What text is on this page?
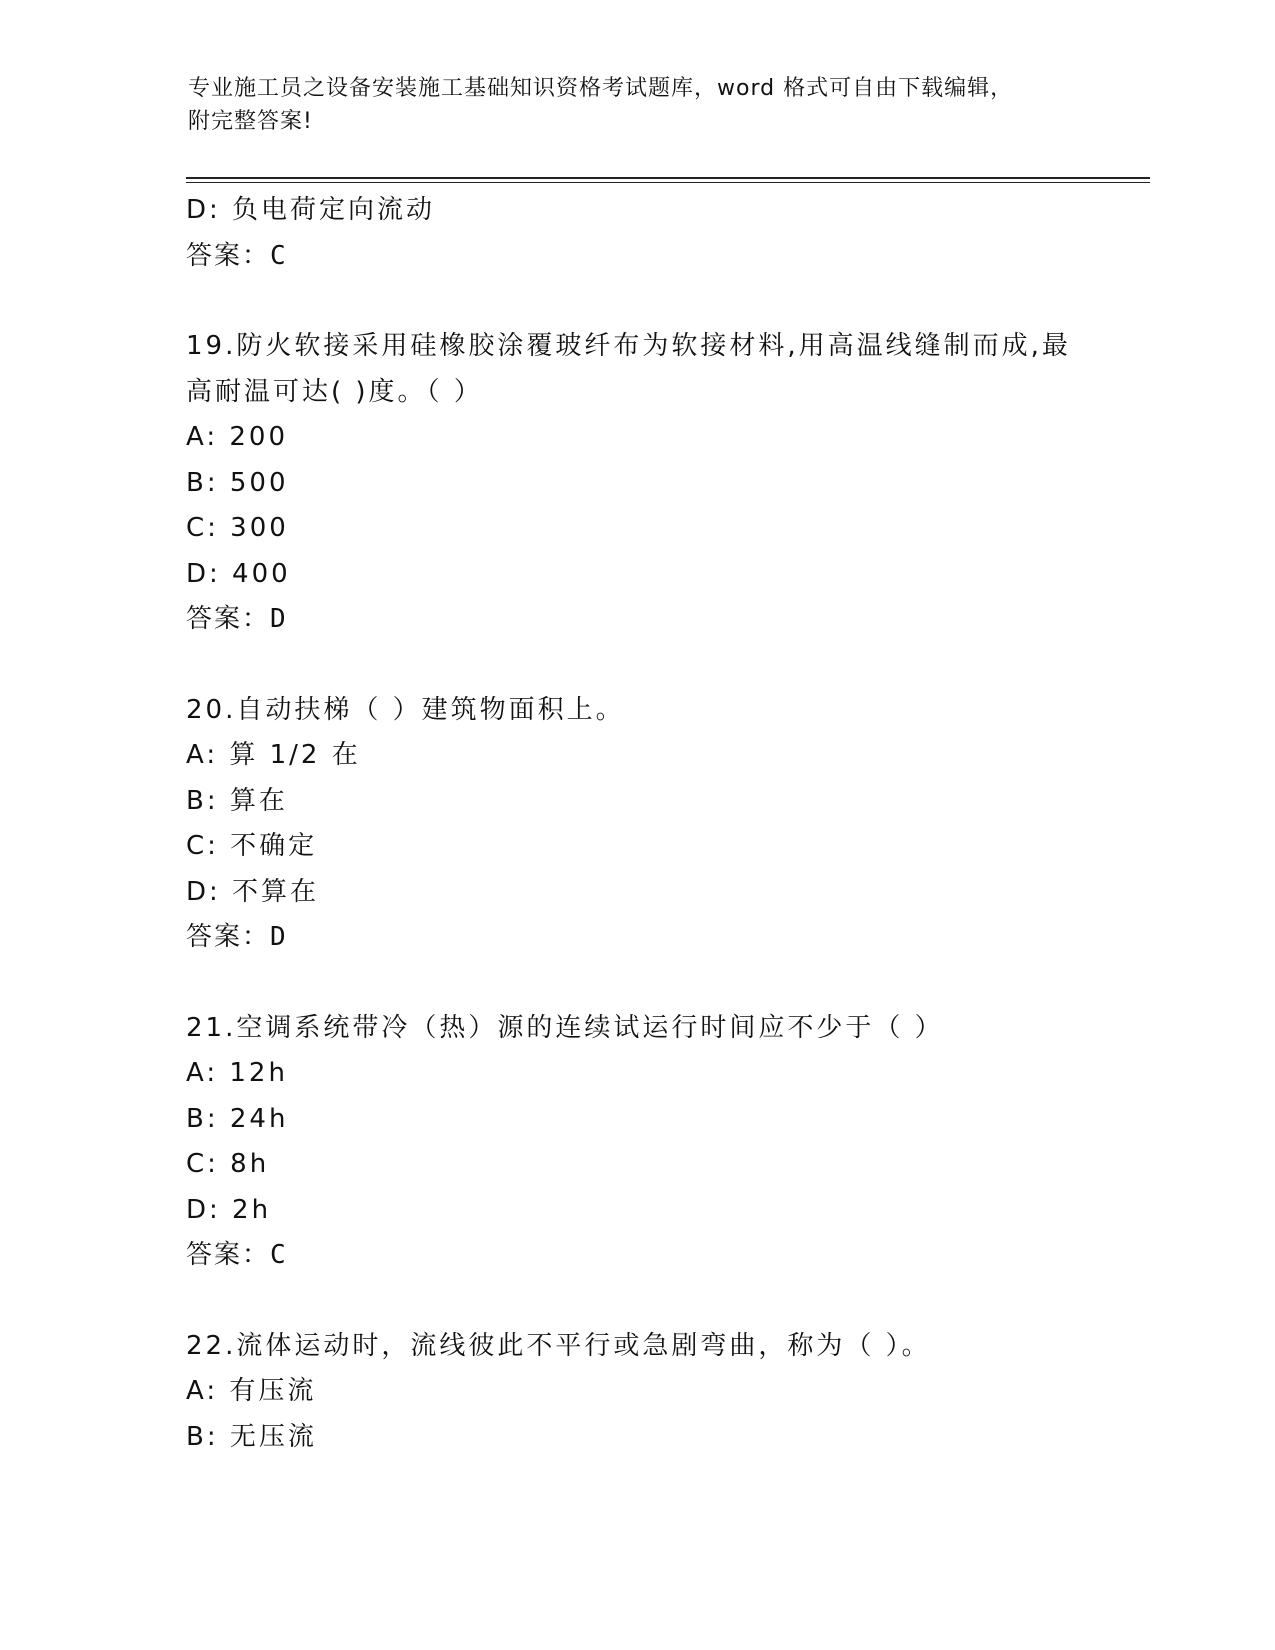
专业施工员之设备安装施工基础知识资格考试题库，word 格式可自由下载编辑，
附完整答案!
D: 负电荷定向流动
答案：C
19.防火软接采用硅橡胶涂覆玻纤布为软接材料,用高温线缝制而成,最
高耐温可达( )度。（ ）
A: 200
B: 500
C: 300
D: 400
答案：D
20.自动扶梯（ ）建筑物面积上。
A: 算 1/2 在
B: 算在
C: 不确定
D: 不算在
答案：D
21.空调系统带冷（热）源的连续试运行时间应不少于（ ）
A: 12h
B: 24h
C: 8h
D: 2h
答案：C
22.流体运动时，流线彼此不平行或急剧弯曲，称为（ ）。
A: 有压流
B: 无压流
